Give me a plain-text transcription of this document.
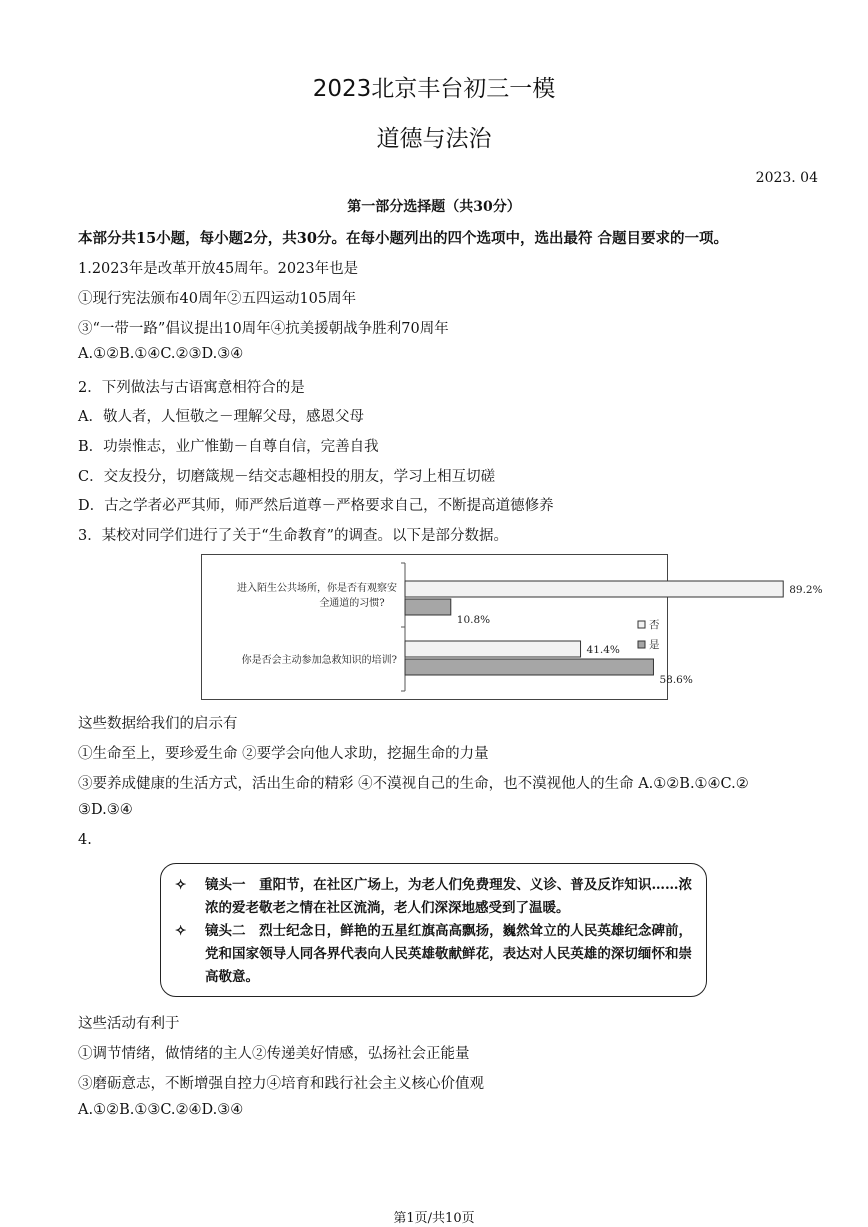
2023北京丰台初三一模
道德与法治
2023. 04
第一部分选择题（共30分）
本部分共15小题，每小题2分，共30分。在每小题列出的四个选项中，选出最符 合题目要求的一项。
1.2023年是改革开放45周年。2023年也是
①现行宪法颁布40周年②五四运动105周年
③“一带一路”倡议提出10周年④抗美援朝战争胜利70周年
A.①②B.①④C.②③D.③④
2．下列做法与古语寓意相符合的是
A．敬人者，人恒敬之－理解父母，感恩父母
B．功崇惟志，业广惟勤－自尊自信，完善自我
C．交友投分，切磨箴规－结交志趣相投的朋友，学习上相互切磋
D．古之学者必严其师，师严然后道尊－严格要求自己，不断提高道德修养
3．某校对同学们进行了关于“生命教育”的调查。以下是部分数据。
进入陌生公共场所，你是否有观察安
全通道的习惯?
89.2%
10.8%
你是否会主动参加急救知识的培训?
41.4%
58.6%
否
是
这些数据给我们的启示有
①生命至上，要珍爱生命 ②要学会向他人求助，挖掘生命的力量
③要养成健康的生活方式，活出生命的精彩 ④不漠视自己的生命，也不漠视他人的生命 A.①②B.①④C.②
③D.③④
4.
✧	镜头一　重阳节，在社区广场上，为老人们免费理发、义诊、普及反诈知识……浓浓的爱老敬老之情在社区流淌，老人们深深地感受到了温暖。
✧	镜头二　烈士纪念日，鲜艳的五星红旗高高飘扬，巍然耸立的人民英雄纪念碑前，党和国家领导人同各界代表向人民英雄敬献鲜花，表达对人民英雄的深切缅怀和崇高敬意。
这些活动有利于
①调节情绪，做情绪的主人②传递美好情感，弘扬社会正能量
③磨砺意志，不断增强自控力④培育和践行社会主义核心价值观
A.①②B.①③C.②④D.③④
第1页/共10页
